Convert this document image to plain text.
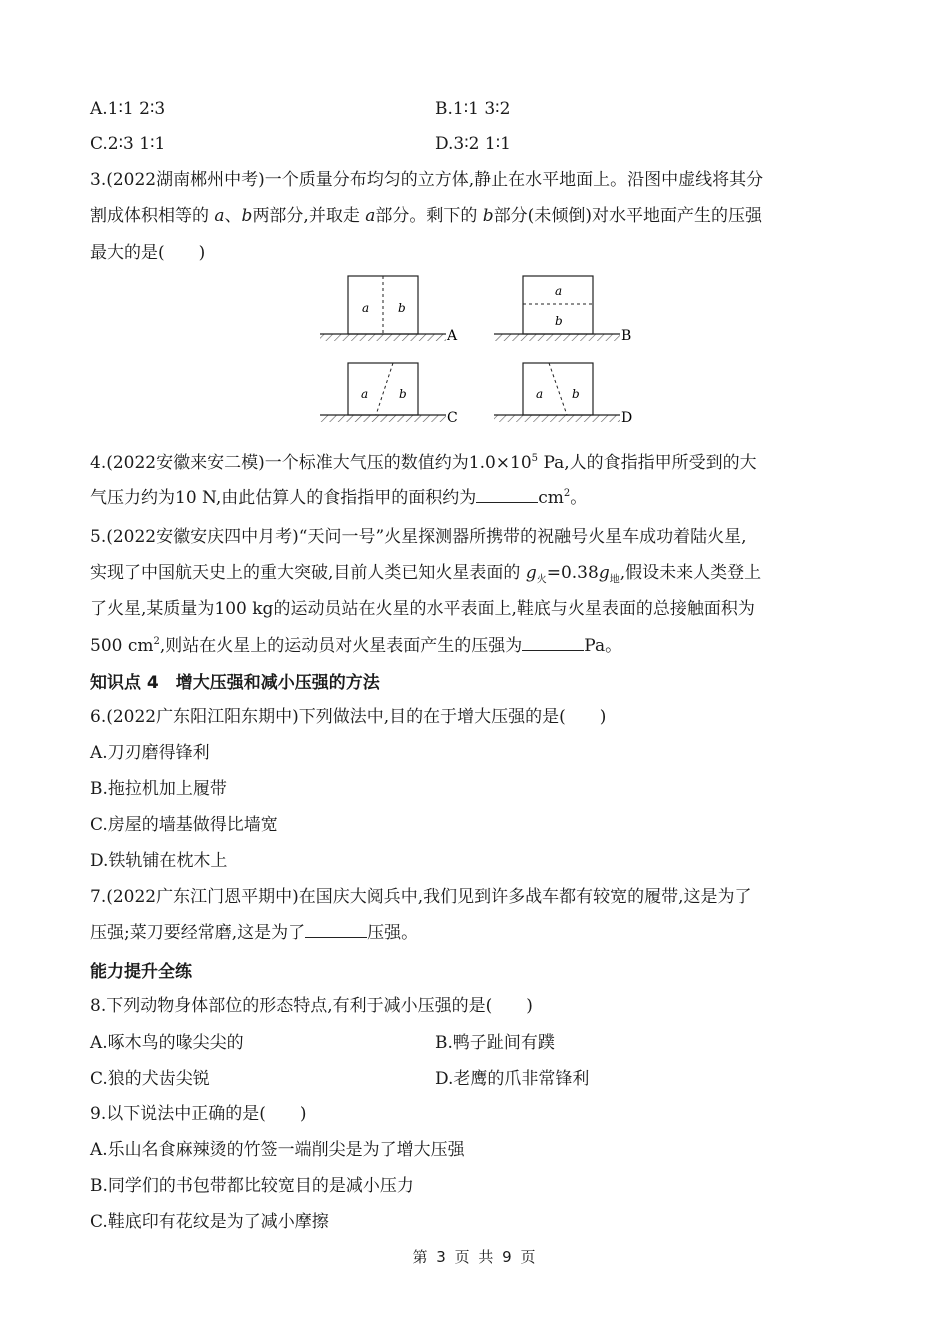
A.1∶1 2∶3	B.1∶1 3∶2
C.2∶3 1∶1	D.3∶2 1∶1
3.(2022湖南郴州中考)一个质量分布均匀的立方体,静止在水平地面上。沿图中虚线将其分
割成体积相等的 a、b两部分,并取走 a部分。剩下的 b部分(未倾倒)对水平地面产生的压强
最大的是(　　)
a b
A
a
b
B
a	b
C
a b
D
4.(2022安徽来安二模)一个标准大气压的数值约为$1.0\times 10^5$ Pa,人的食指指甲所受到的大
气压力约为10 N,由此估算人的食指指甲的面积约为	$cm^2$。
5.(2022安徽安庆四中月考)“天问一号”火星探测器所携带的祝融号火星车成功着陆火星,
实现了中国航天史上的重大突破,目前人类已知火星表面的 $g_火=0.38g_地$,假设未来人类登上
了火星,某质量为100 kg的运动员站在火星的水平表面上,鞋底与火星表面的总接触面积为
500 $cm^2$,则站在火星上的运动员对火星表面产生的压强为	Pa。
知识点 4　增大压强和减小压强的方法
6.(2022广东阳江阳东期中)下列做法中,目的在于增大压强的是(　　)
A.刀刃磨得锋利
B.拖拉机加上履带
C.房屋的墙基做得比墙宽
D.铁轨铺在枕木上
7.(2022广东江门恩平期中)在国庆大阅兵中,我们见到许多战车都有较宽的履带,这是为了
压强;菜刀要经常磨,这是为了	压强。
能力提升全练
8.下列动物身体部位的形态特点,有利于减小压强的是(　　)
A.啄木鸟的喙尖尖的	B.鸭子趾间有蹼
C.狼的犬齿尖锐	D.老鹰的爪非常锋利
9.以下说法中正确的是(　　)
A.乐山名食麻辣烫的竹签一端削尖是为了增大压强
B.同学们的书包带都比较宽目的是减小压力
C.鞋底印有花纹是为了减小摩擦
第 3 页 共 9 页
